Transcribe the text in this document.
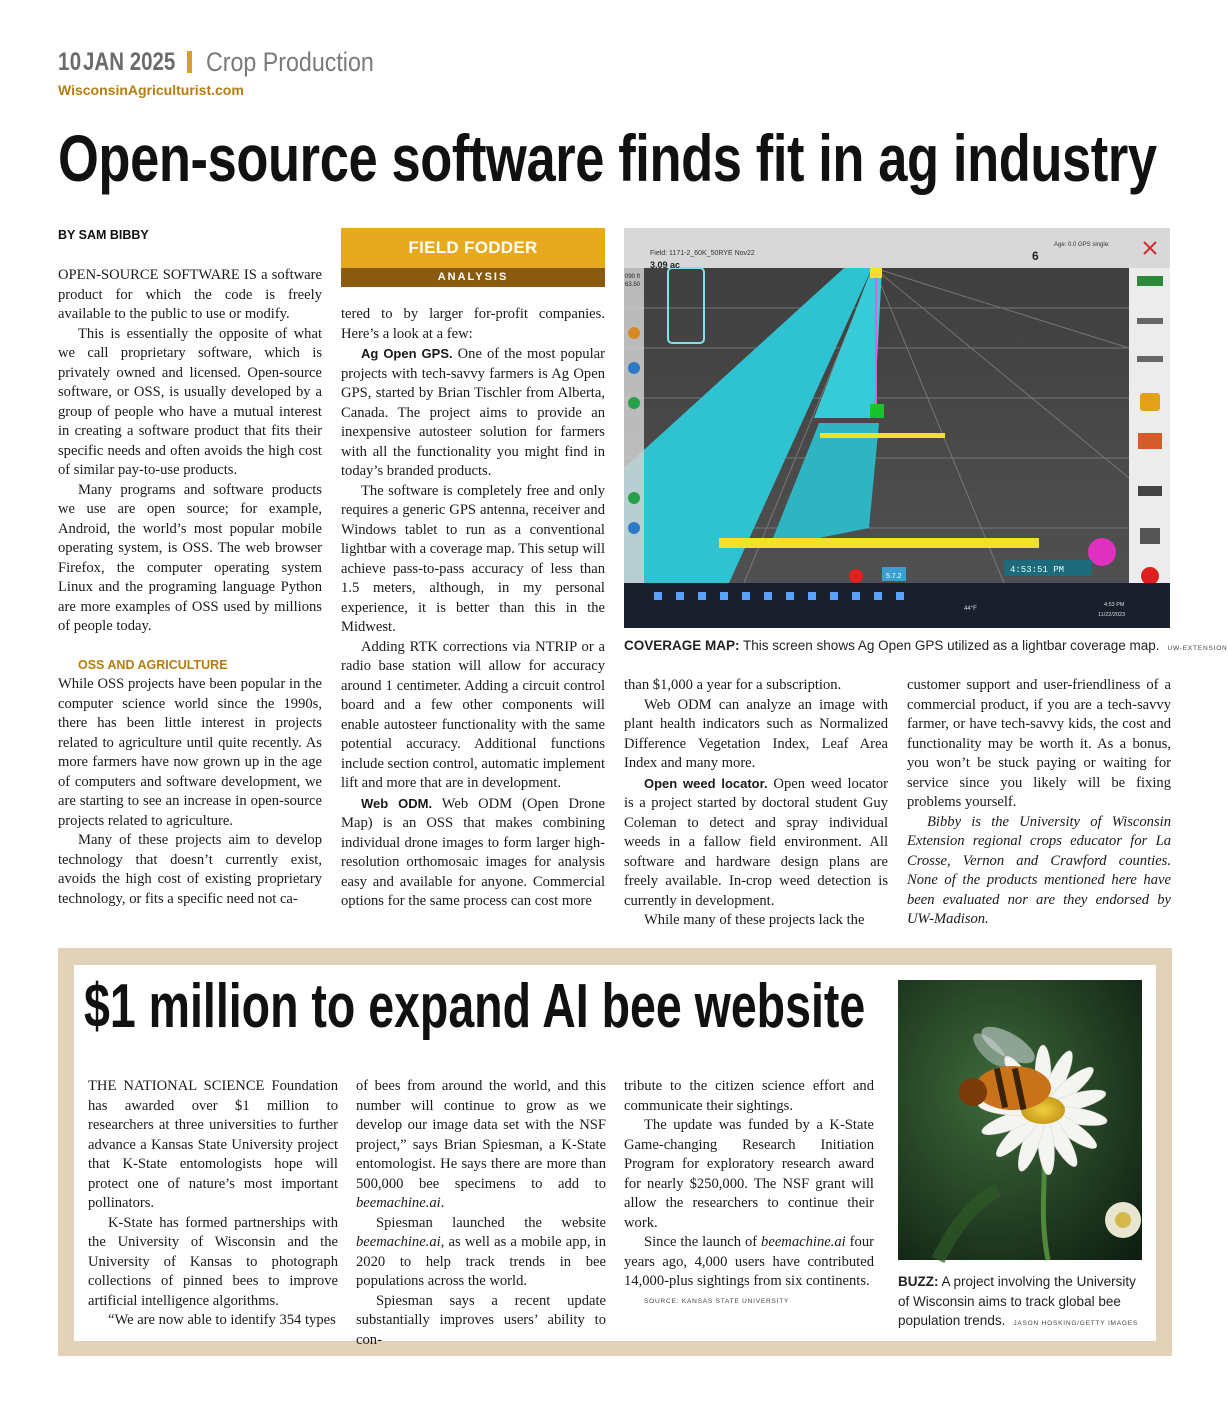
10 JAN 2025 Crop Production
WisconsinAgriculturist.com
Open-source software finds fit in ag industry
BY SAM BIBBY

OPEN-SOURCE SOFTWARE IS a software product for which the code is freely available to the public to use or modify.

This is essentially the opposite of what we call proprietary software, which is privately owned and licensed. Open-source software, or OSS, is usually developed by a group of people who have a mutual interest in creating a software product that fits their specific needs and often avoids the high cost of similar pay-to-use products.

Many programs and software products we use are open source; for example, Android, the world’s most popular mobile operating system, is OSS. The web browser Firefox, the computer operating system Linux and the programing language Python are more examples of OSS used by millions of people today.

OSS AND AGRICULTURE

While OSS projects have been popular in the computer science world since the 1990s, there has been little interest in projects related to agriculture until quite recently. As more farmers have now grown up in the age of computers and software development, we are starting to see an increase in open-source projects related to agriculture.

Many of these projects aim to develop technology that doesn’t currently exist, avoids the high cost of existing proprietary technology, or fits a specific need not ca-

FIELD FODDER
ANALYSIS

tered to by larger for-profit companies. Here’s a look at a few:

Ag Open GPS. One of the most popular projects with tech-savvy farmers is Ag Open GPS, started by Brian Tischler from Alberta, Canada. The project aims to provide an inexpensive autosteer solution for farmers with all the functionality you might find in today’s branded products.

The software is completely free and only requires a generic GPS antenna, receiver and Windows tablet to run as a conventional lightbar with a coverage map. This setup will achieve pass-to-pass accuracy of less than 1.5 meters, although, in my personal experience, it is better than this in the Midwest.

Adding RTK corrections via NTRIP or a radio base station will allow for accuracy around 1 centimeter. Adding a circuit control board and a few other components will enable autosteer functionality with the same potential accuracy. Additional functions include section control, automatic implement lift and more that are in development.

Web ODM. Web ODM (Open Drone Map) is an OSS that makes combining individual drone images to form larger high-resolution orthomosaic images for analysis easy and available for anyone. Commercial options for the same process can cost more

Field: 1171-2_60K_50RYE Nov22
3.09 ac
090 ft
63.50
Age: 0.0 GPS single:
6
5.7.2
4:53:51 PM
44°F
4:53 PM
11/22/2023
COVERAGE MAP: This screen shows Ag Open GPS utilized as a lightbar coverage map. UW-EXTENSION

than $1,000 a year for a subscription.

Web ODM can analyze an image with plant health indicators such as Normalized Difference Vegetation Index, Leaf Area Index and many more.

Open weed locator. Open weed locator is a project started by doctoral student Guy Coleman to detect and spray individual weeds in a fallow field environment. All software and hardware design plans are freely available. In-crop weed detection is currently in development.

While many of these projects lack the

customer support and user-friendliness of a commercial product, if you are a tech-savvy farmer, or have tech-savvy kids, the cost and functionality may be worth it. As a bonus, you won’t be stuck paying or waiting for service since you likely will be fixing problems yourself.

Bibby is the University of Wisconsin Extension regional crops educator for La Crosse, Vernon and Crawford counties. None of the products mentioned here have been evaluated nor are they endorsed by UW-Madison.

$1 million to expand AI bee website

THE NATIONAL SCIENCE Foundation has awarded over $1 million to researchers at three universities to further advance a Kansas State University project that K-State entomologists hope will protect one of nature’s most important pollinators.

K-State has formed partnerships with the University of Wisconsin and the University of Kansas to photograph collections of pinned bees to improve artificial intelligence algorithms.

“We are now able to identify 354 types

of bees from around the world, and this number will continue to grow as we develop our image data set with the NSF project,” says Brian Spiesman, a K-State entomologist. He says there are more than 500,000 bee specimens to add to beemachine.ai.

Spiesman launched the website beemachine.ai, as well as a mobile app, in 2020 to help track trends in bee populations across the world.

Spiesman says a recent update substantially improves users’ ability to con-

tribute to the citizen science effort and communicate their sightings.

The update was funded by a K-State Game-changing Research Initiation Program for exploratory research award for nearly $250,000. The NSF grant will allow the researchers to continue their work.

Since the launch of beemachine.ai four years ago, 4,000 users have contributed 14,000-plus sightings from six continents.

SOURCE: KANSAS STATE UNIVERSITY

BUZZ: A project involving the University of Wisconsin aims to track global bee population trends. JASON HOSKING/GETTY IMAGES
